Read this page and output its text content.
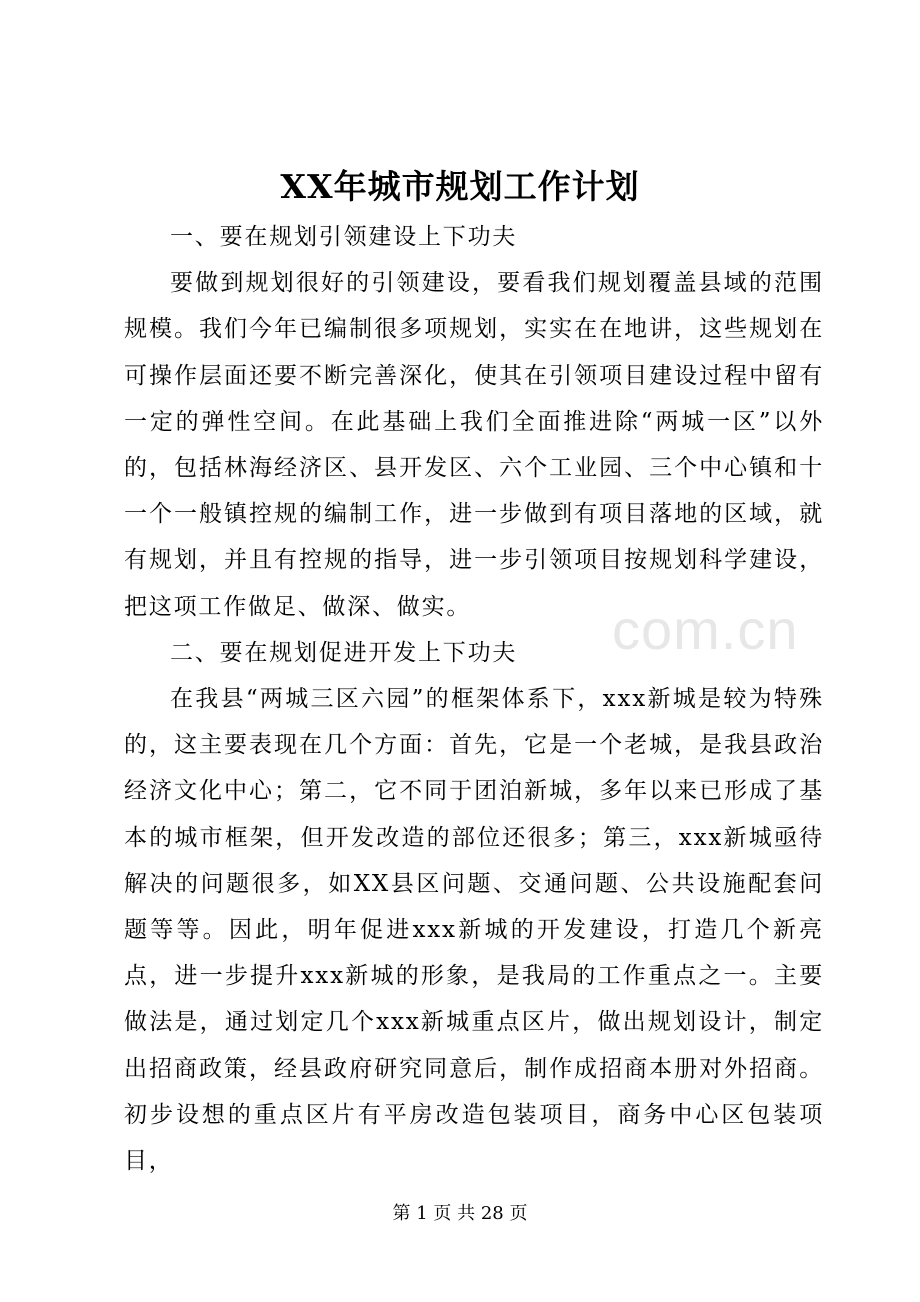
XX年城市规划工作计划

一、要在规划引领建设上下功夫

要做到规划很好的引领建设，要看我们规划覆盖县域的范围规模。我们今年已编制很多项规划，实实在在地讲，这些规划在可操作层面还要不断完善深化，使其在引领项目建设过程中留有一定的弹性空间。在此基础上我们全面推进除“两城一区”以外的，包括林海经济区、县开发区、六个工业园、三个中心镇和十一个一般镇控规的编制工作，进一步做到有项目落地的区域，就有规划，并且有控规的指导，进一步引领项目按规划科学建设，把这项工作做足、做深、做实。

二、要在规划促进开发上下功夫

在我县“两城三区六园”的框架体系下，xxx新城是较为特殊的，这主要表现在几个方面：首先，它是一个老城，是我县政治经济文化中心；第二，它不同于团泊新城，多年以来已形成了基本的城市框架，但开发改造的部位还很多；第三，xxx新城亟待解决的问题很多，如XX县区问题、交通问题、公共设施配套问题等等。因此，明年促进xxx新城的开发建设，打造几个新亮点，进一步提升xxx新城的形象，是我局的工作重点之一。主要做法是，通过划定几个xxx新城重点区片，做出规划设计，制定出招商政策，经县政府研究同意后，制作成招商本册对外招商。初步设想的重点区片有平房改造包装项目，商务中心区包装项目，

com.cn
第 1 页 共 28 页
